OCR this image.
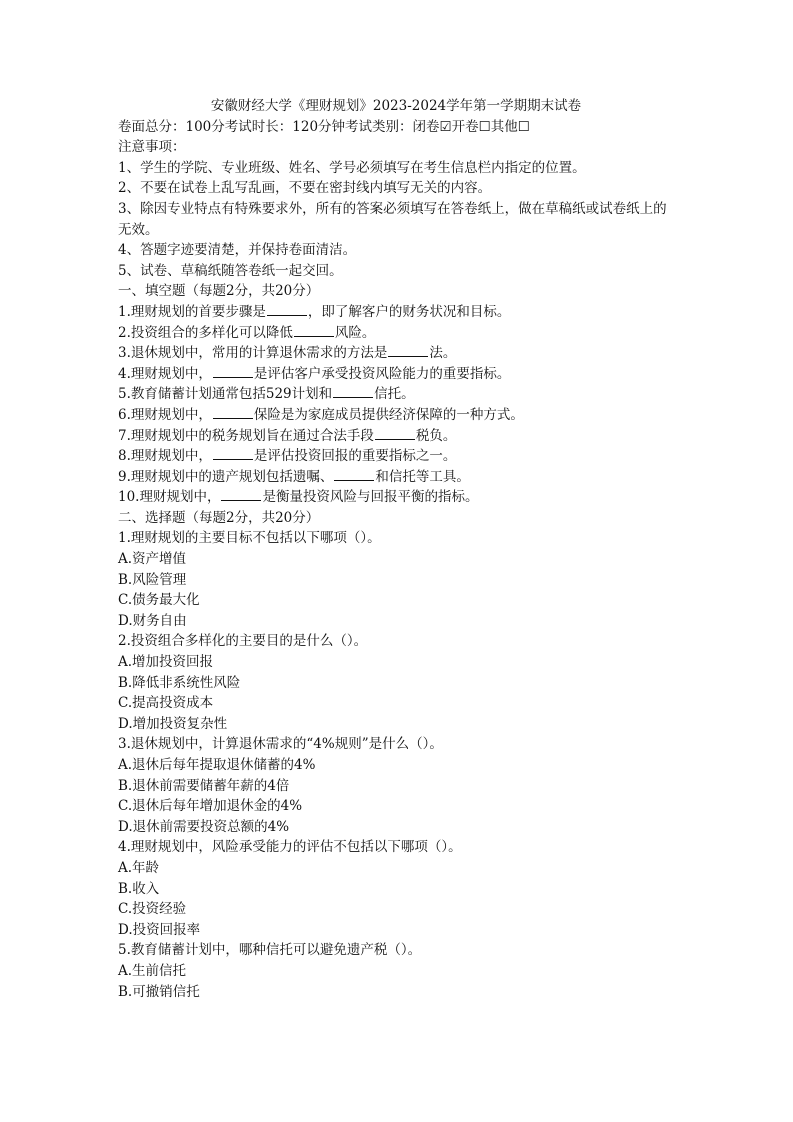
安徽财经大学《理财规划》2023-2024学年第一学期期末试卷
卷面总分：100分考试时长：120分钟考试类别：闭卷☑开卷☐其他☐
注意事项：
1、学生的学院、专业班级、姓名、学号必须填写在考生信息栏内指定的位置。
2、不要在试卷上乱写乱画，不要在密封线内填写无关的内容。
3、除因专业特点有特殊要求外，所有的答案必须填写在答卷纸上，做在草稿纸或试卷纸上的无效。
4、答题字迹要清楚，并保持卷面清洁。
5、试卷、草稿纸随答卷纸一起交回。
一、填空题（每题2分，共20分）
1.理财规划的首要步骤是	，即了解客户的财务状况和目标。
2.投资组合的多样化可以降低	风险。
3.退休规划中，常用的计算退休需求的方法是	法。
4.理财规划中，	是评估客户承受投资风险能力的重要指标。
5.教育储蓄计划通常包括529计划和	信托。
6.理财规划中，	保险是为家庭成员提供经济保障的一种方式。
7.理财规划中的税务规划旨在通过合法手段	税负。
8.理财规划中，	是评估投资回报的重要指标之一。
9.理财规划中的遗产规划包括遗嘱、	和信托等工具。
10.理财规划中，	是衡量投资风险与回报平衡的指标。
二、选择题（每题2分，共20分）
1.理财规划的主要目标不包括以下哪项（）。
A.资产增值
B.风险管理
C.债务最大化
D.财务自由
2.投资组合多样化的主要目的是什么（）。
A.增加投资回报
B.降低非系统性风险
C.提高投资成本
D.增加投资复杂性
3.退休规划中，计算退休需求的“4%规则”是什么（）。
A.退休后每年提取退休储蓄的4%
B.退休前需要储蓄年薪的4倍
C.退休后每年增加退休金的4%
D.退休前需要投资总额的4%
4.理财规划中，风险承受能力的评估不包括以下哪项（）。
A.年龄
B.收入
C.投资经验
D.投资回报率
5.教育储蓄计划中，哪种信托可以避免遗产税（）。
A.生前信托
B.可撤销信托
